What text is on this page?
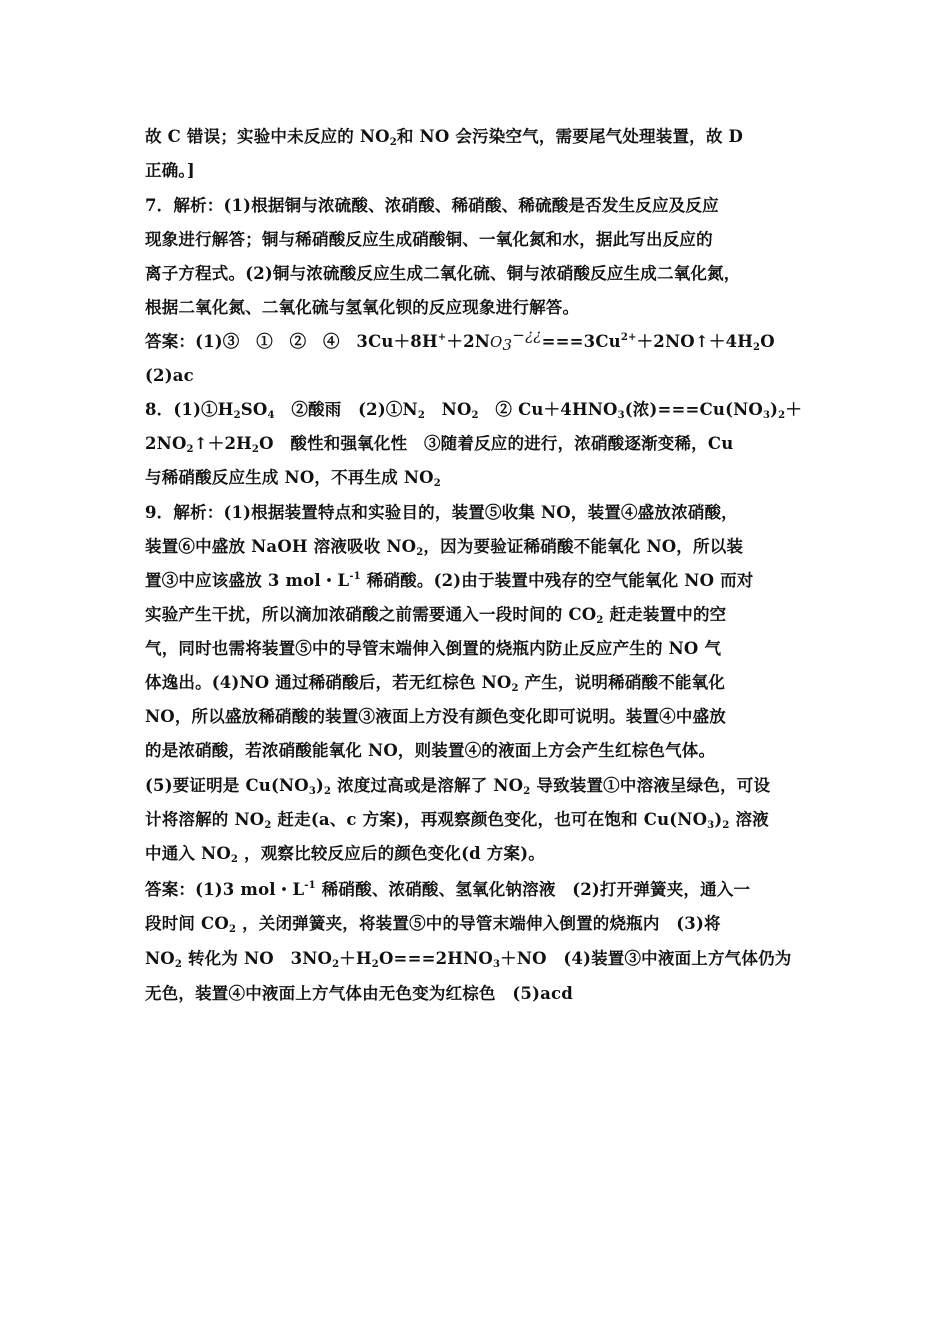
故 C 错误；实验中未反应的 $NO_2$和 NO 会污染空气，需要尾气处理装置，故 D
正确。]
7．解析：(1)根据铜与浓硫酸、浓硝酸、稀硝酸、稀硫酸是否发生反应及反应
现象进行解答；铜与稀硝酸反应生成硝酸铜、一氧化氮和水，据此写出反应的
离子方程式。(2)铜与浓硫酸反应生成二氧化硫、铜与浓硝酸反应生成二氧化氮，
根据二氧化氮、二氧化硫与氢氧化钡的反应现象进行解答。
答案：(1)③　①　②　④　$3Cu+8H^++2NO_3^{-¿¿}===3Cu^{2+}+2NO↑+4H_2O$
(2)ac
8．$(1)①H_2SO_4$　②酸雨　$(2)①N_2$　$NO_2$　② $Cu+4HNO_3$(浓)$===Cu(NO_3)_2+$
$2NO_2↑+2H_2O$　酸性和强氧化性　③随着反应的进行，浓硝酸逐渐变稀，Cu
与稀硝酸反应生成 NO，不再生成 $NO_2$
9．解析：(1)根据装置特点和实验目的，装置⑤收集 NO，装置④盛放浓硝酸，
装置⑥中盛放 NaOH 溶液吸收 $NO_2$，因为要验证稀硝酸不能氧化 NO，所以装
置③中应该盛放 3 mol・$L^{-1}$ 稀硝酸。(2)由于装置中残存的空气能氧化 NO 而对
实验产生干扰，所以滴加浓硝酸之前需要通入一段时间的 $CO_2$ 赶走装置中的空
气，同时也需将装置⑤中的导管末端伸入倒置的烧瓶内防止反应产生的 NO 气
体逸出。(4)NO 通过稀硝酸后，若无红棕色 $NO_2$ 产生，说明稀硝酸不能氧化
NO，所以盛放稀硝酸的装置③液面上方没有颜色变化即可说明。装置④中盛放
的是浓硝酸，若浓硝酸能氧化 NO，则装置④的液面上方会产生红棕色气体。
(5)要证明是 $Cu(NO_3)_2$ 浓度过高或是溶解了 $NO_2$ 导致装置①中溶液呈绿色，可设
计将溶解的 $NO_2$ 赶走(a、c 方案)，再观察颜色变化，也可在饱和 $Cu(NO_3)_2$ 溶液
中通入 $NO_2$ ，观察比较反应后的颜色变化(d 方案)。
答案：(1)3 mol・$L^{-1}$ 稀硝酸、浓硝酸、氢氧化钠溶液　(2)打开弹簧夹，通入一
段时间 $CO_2$ ，关闭弹簧夹，将装置⑤中的导管末端伸入倒置的烧瓶内　(3)将
$NO_2$ 转化为 NO　$3NO_2+H_2O===2HNO_3+NO$　(4)装置③中液面上方气体仍为
无色，装置④中液面上方气体由无色变为红棕色　(5)acd
